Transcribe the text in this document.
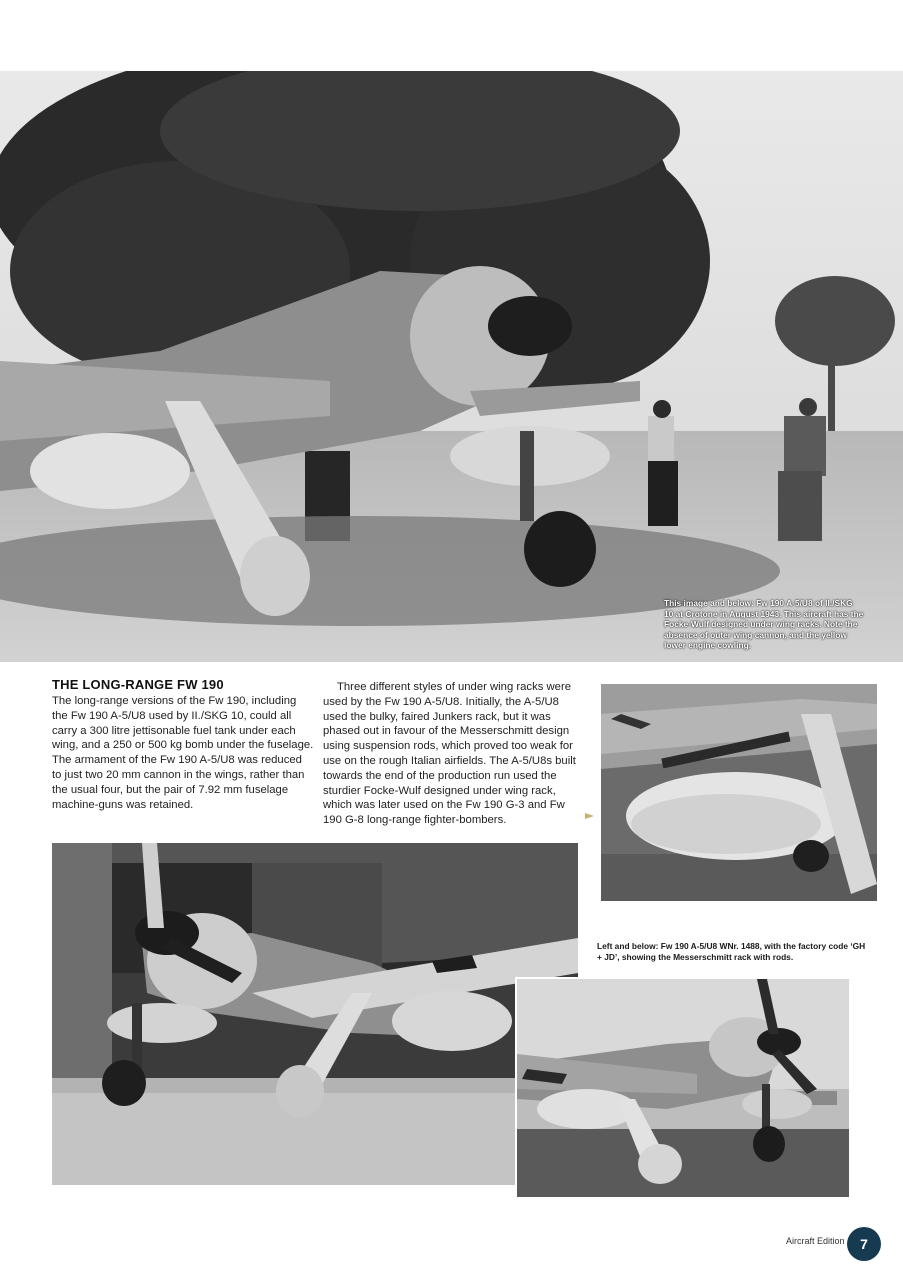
This image and below: Fw 190 A-5/U8 of II./SKG 10 at Crotone in August 1943. This aircraft has the Focke-Wulf designed under wing racks. Note the absence of outer wing cannon, and the yellow lower engine cowling.
THE LONG-RANGE FW 190

The long-range versions of the Fw 190, including the Fw 190 A-5/U8 used by II./SKG 10, could all carry a 300 litre jettisonable fuel tank under each wing, and a 250 or 500 kg bomb under the fuselage. The armament of the Fw 190 A-5/U8 was reduced to just two 20 mm cannon in the wings, rather than the usual four, but the pair of 7.92 mm fuselage machine-guns was retained.

Three different styles of under wing racks were used by the Fw 190 A-5/U8. Initially, the A-5/U8 used the bulky, faired Junkers rack, but it was phased out in favour of the Messerschmitt design using suspension rods, which proved too weak for use on the rough Italian airfields. The A-5/U8s built towards the end of the production run used the sturdier Focke-Wulf designed under wing rack, which was later used on the Fw 190 G-3 and Fw 190 G-8 long-range fighter-bombers.

Left and below: Fw 190 A-5/U8 WNr. 1488, with the factory code ‘GH + JD’, showing the Messerschmitt rack with rods.
Aircraft Edition	7
